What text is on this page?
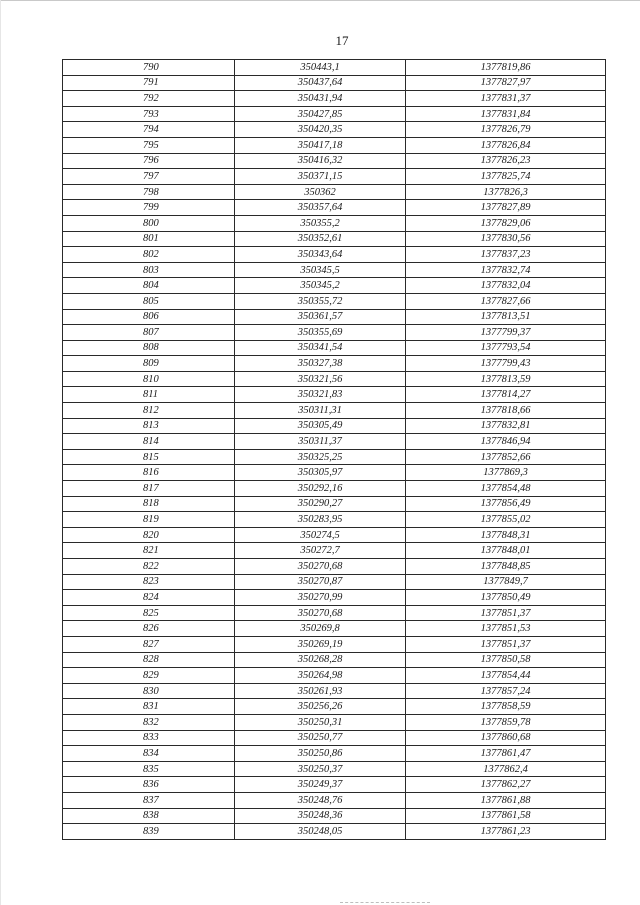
17
790	350443,1	1377819,86
791	350437,64	1377827,97
792	350431,94	1377831,37
793	350427,85	1377831,84
794	350420,35	1377826,79
795	350417,18	1377826,84
796	350416,32	1377826,23
797	350371,15	1377825,74
798	350362	1377826,3
799	350357,64	1377827,89
800	350355,2	1377829,06
801	350352,61	1377830,56
802	350343,64	1377837,23
803	350345,5	1377832,74
804	350345,2	1377832,04
805	350355,72	1377827,66
806	350361,57	1377813,51
807	350355,69	1377799,37
808	350341,54	1377793,54
809	350327,38	1377799,43
810	350321,56	1377813,59
811	350321,83	1377814,27
812	350311,31	1377818,66
813	350305,49	1377832,81
814	350311,37	1377846,94
815	350325,25	1377852,66
816	350305,97	1377869,3
817	350292,16	1377854,48
818	350290,27	1377856,49
819	350283,95	1377855,02
820	350274,5	1377848,31
821	350272,7	1377848,01
822	350270,68	1377848,85
823	350270,87	1377849,7
824	350270,99	1377850,49
825	350270,68	1377851,37
826	350269,8	1377851,53
827	350269,19	1377851,37
828	350268,28	1377850,58
829	350264,98	1377854,44
830	350261,93	1377857,24
831	350256,26	1377858,59
832	350250,31	1377859,78
833	350250,77	1377860,68
834	350250,86	1377861,47
835	350250,37	1377862,4
836	350249,37	1377862,27
837	350248,76	1377861,88
838	350248,36	1377861,58
839	350248,05	1377861,23
